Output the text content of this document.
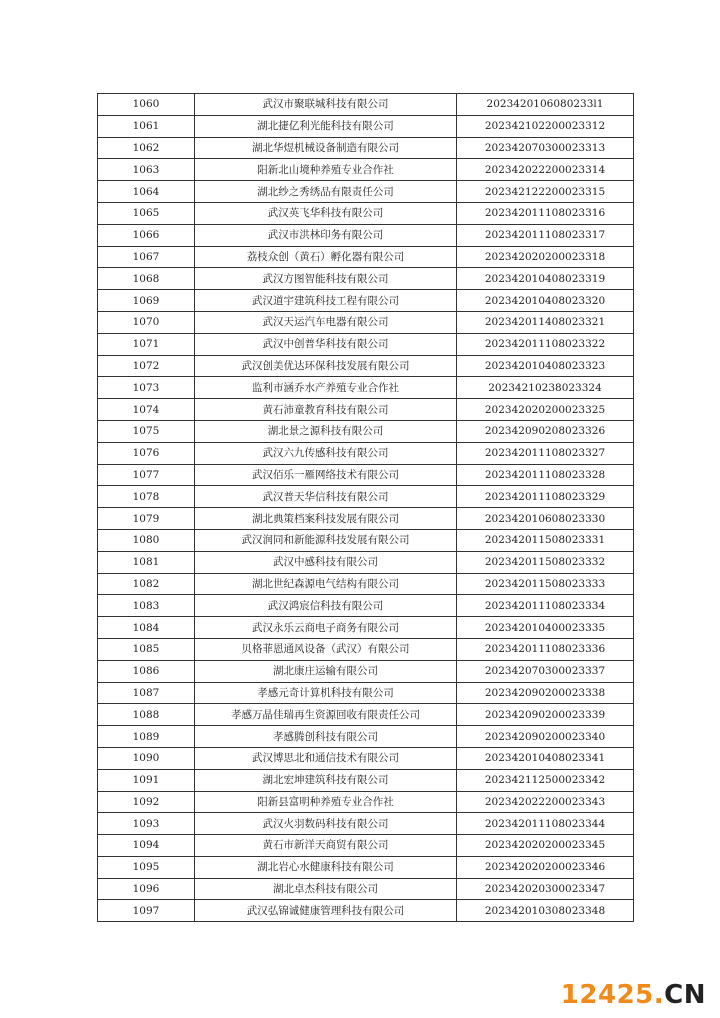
1060	武汉市聚联城科技有限公司	2023420106080233l1
1061	湖北捷亿利光能科技有限公司	202342102200023312
1062	湖北华煜机械设备制造有限公司	202342070300023313
1063	阳新北山境种养殖专业合作社	202342022200023314
1064	湖北纱之秀绣品有限责任公司	202342122200023315
1065	武汉英飞华科技有限公司	202342011108023316
1066	武汉市洪林印务有限公司	202342011108023317
1067	荔枝众创（黄石）孵化器有限公司	202342020200023318
1068	武汉方图智能科技有限公司	202342010408023319
1069	武汉道宇建筑科技工程有限公司	202342010408023320
1070	武汉天运汽车电器有限公司	202342011408023321
1071	武汉中创普华科技有限公司	202342011108023322
1072	武汉创美优达环保科技发展有限公司	202342010408023323
1073	监利市涵乔水产养殖专业合作社	20234210238023324
1074	黄石沛童教育科技有限公司	202342020200023325
1075	湖北景之源科技有限公司	202342090208023326
1076	武汉六九传感科技有限公司	202342011108023327
1077	武汉佰乐一雁网络技术有限公司	202342011108023328
1078	武汉普天华信科技有限公司	202342011108023329
1079	湖北典策档案科技发展有限公司	202342010608023330
1080	武汉润同和新能源科技发展有限公司	202342011508023331
1081	武汉中感科技有限公司	202342011508023332
1082	湖北世纪森源电气结构有限公司	202342011508023333
1083	武汉鸿宸信科技有限公司	202342011108023334
1084	武汉永乐云商电子商务有限公司	202342010400023335
1085	贝格菲恩通风设备（武汉）有限公司	202342011108023336
1086	湖北康庄运输有限公司	202342070300023337
1087	孝感元奇计算机科技有限公司	202342090200023338
1088	孝感万晶佳瑞再生资源回收有限责任公司	202342090200023339
1089	孝感腾创科技有限公司	202342090200023340
1090	武汉博思北和通信技术有限公司	202342010408023341
1091	湖北宏坤建筑科技有限公司	202342112500023342
1092	阳新县富明种养殖专业合作社	202342022200023343
1093	武汉火羽数码科技有限公司	202342011108023344
1094	黄石市新洋天商贸有限公司	202342020200023345
1095	湖北岩心水健康科技有限公司	202342020200023346
1096	湖北卓杰科技有限公司	202342020300023347
1097	武汉弘锦诚健康管理科技有限公司	202342010308023348
12425.CN
